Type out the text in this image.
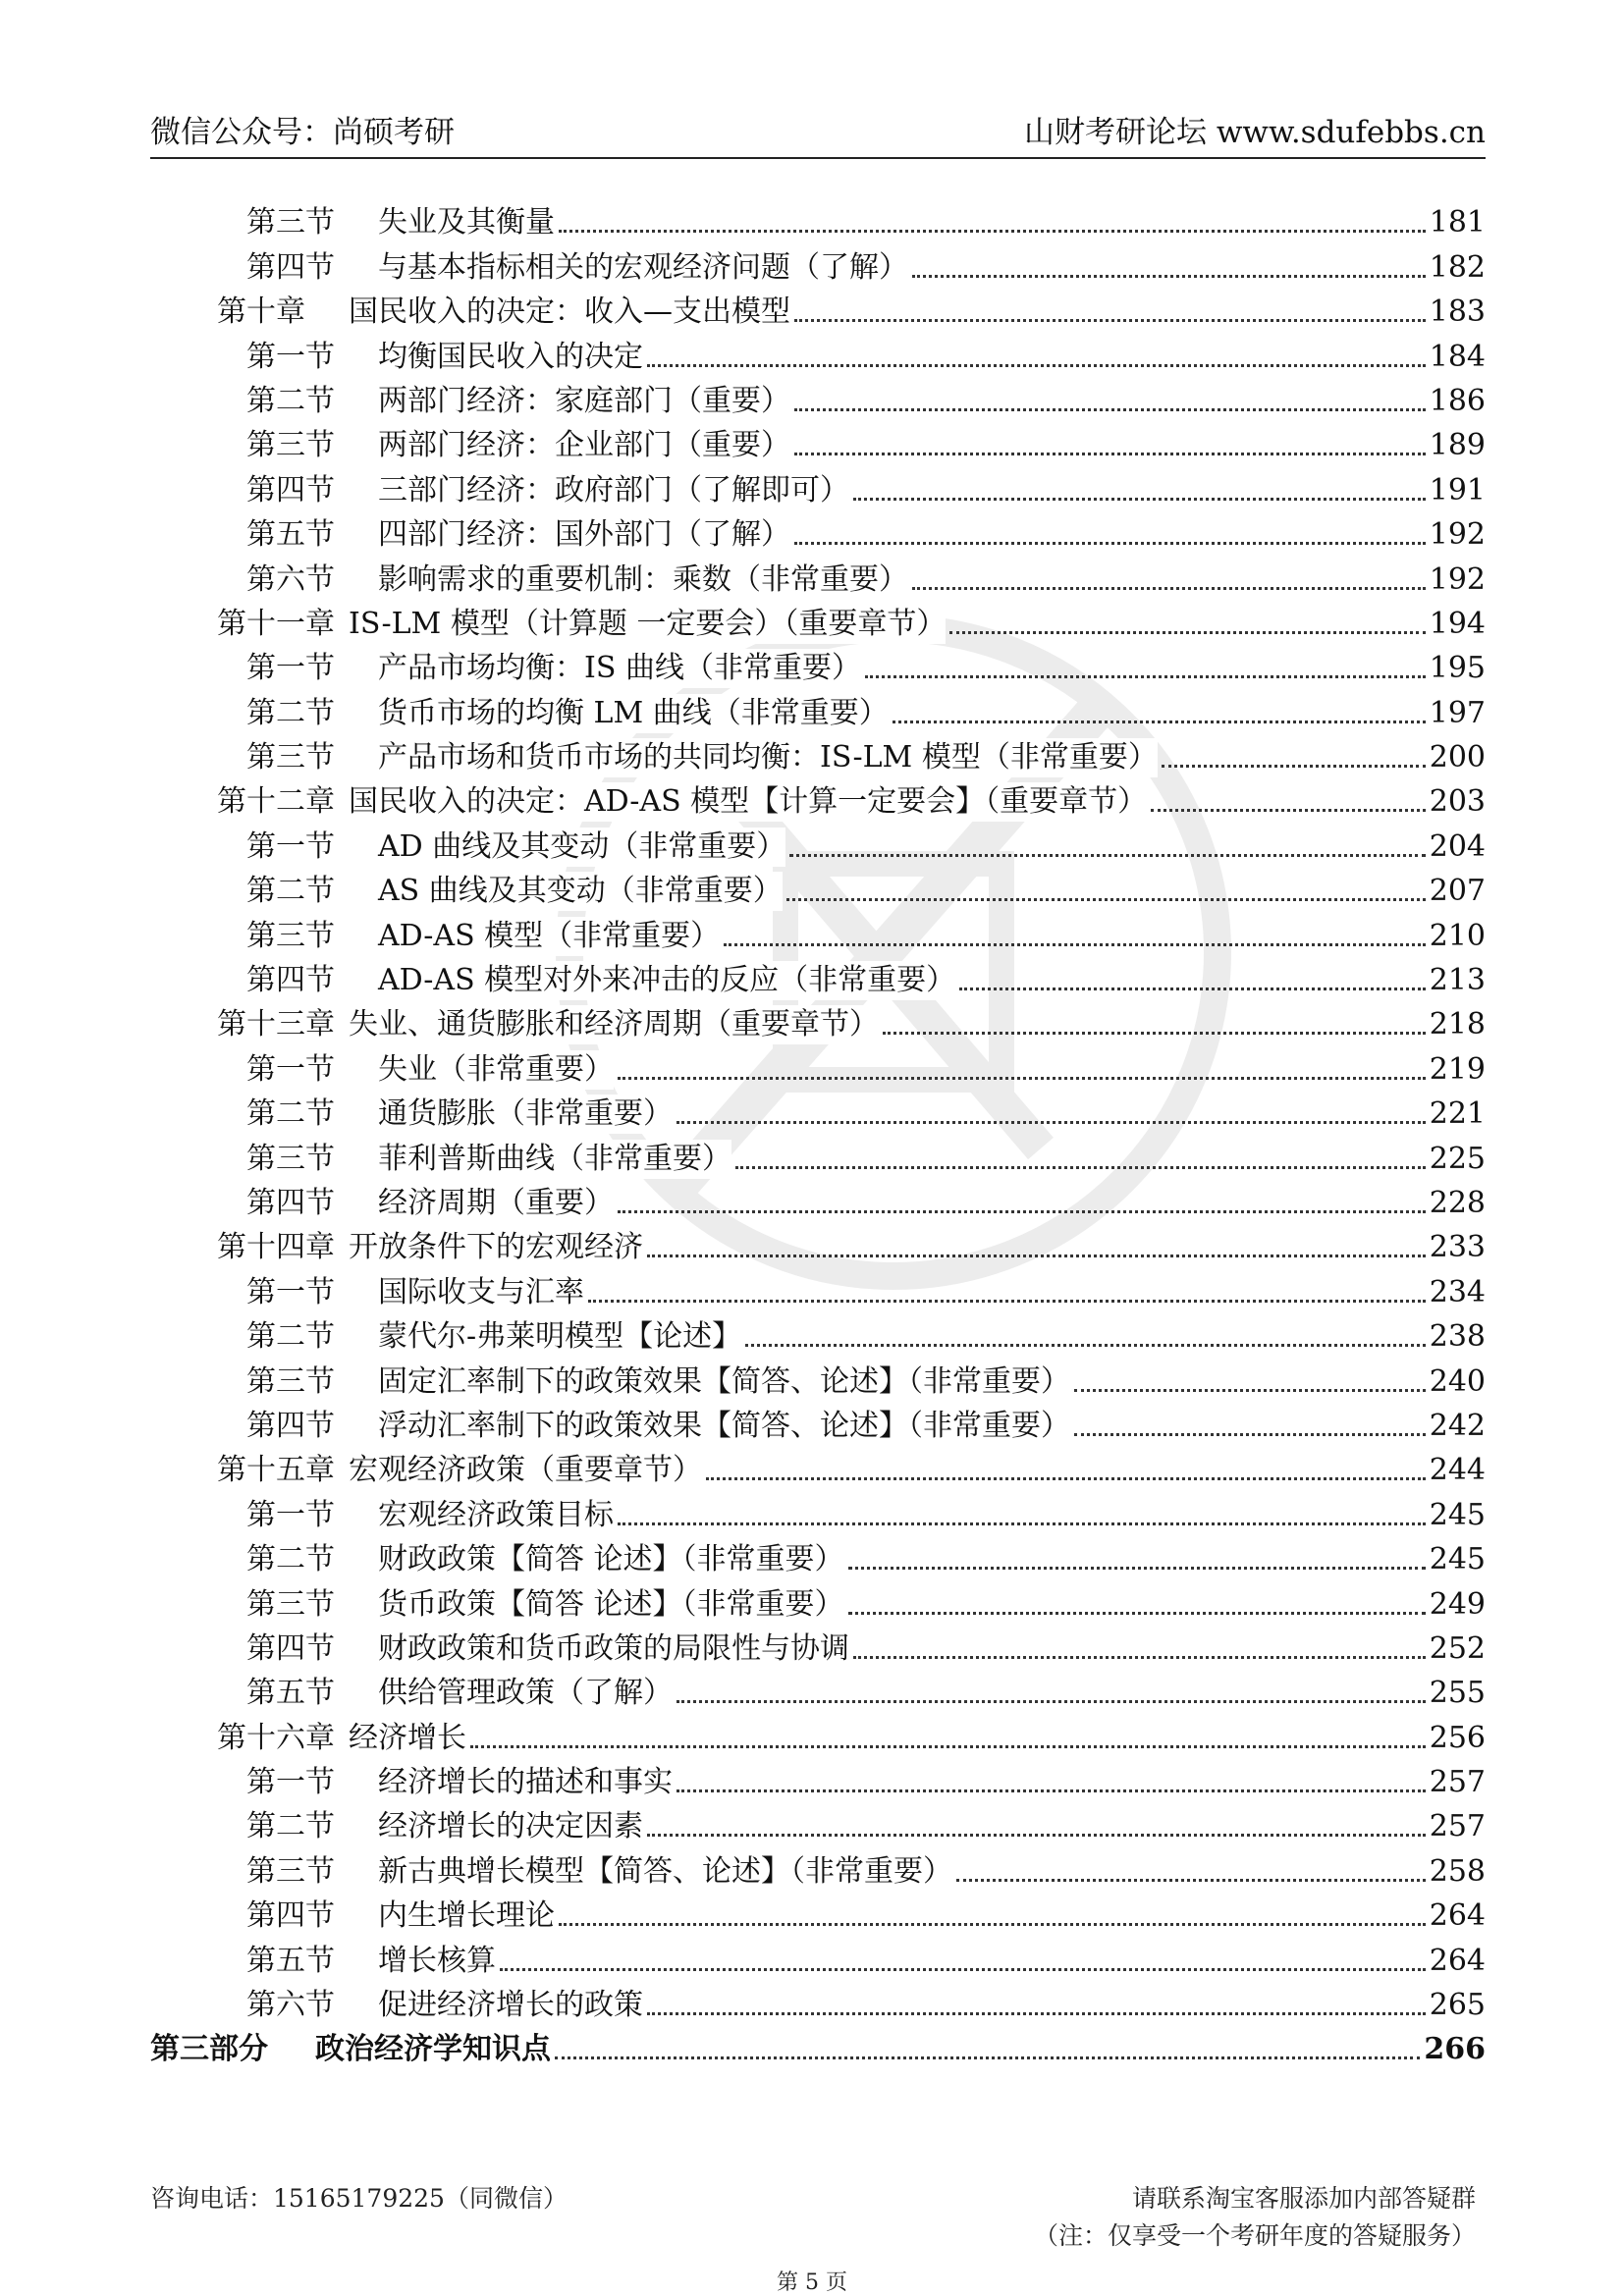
微信公众号：尚硕考研	山财考研论坛 www.sdufebbs.cn
第三节 失业及其衡量	181
第四节 与基本指标相关的宏观经济问题（了解）	182
第十章 国民收入的决定：收入—支出模型	183
第一节 均衡国民收入的决定	184
第二节 两部门经济：家庭部门（重要）	186
第三节 两部门经济：企业部门（重要）	189
第四节 三部门经济：政府部门（了解即可）	191
第五节 四部门经济：国外部门（了解）	192
第六节 影响需求的重要机制：乘数（非常重要）	192
第十一章 IS-LM 模型（计算题 一定要会）（重要章节）	194
第一节 产品市场均衡：IS 曲线（非常重要）	195
第二节 货币市场的均衡 LM 曲线（非常重要）	197
第三节 产品市场和货币市场的共同均衡：IS-LM 模型（非常重要）	200
第十二章 国民收入的决定：AD-AS 模型【计算一定要会】（重要章节）	203
第一节 AD 曲线及其变动（非常重要）	204
第二节 AS 曲线及其变动（非常重要）	207
第三节 AD-AS 模型（非常重要）	210
第四节 AD-AS 模型对外来冲击的反应（非常重要）	213
第十三章 失业、通货膨胀和经济周期（重要章节）	218
第一节 失业（非常重要）	219
第二节 通货膨胀（非常重要）	221
第三节 菲利普斯曲线（非常重要）	225
第四节 经济周期（重要）	228
第十四章 开放条件下的宏观经济	233
第一节 国际收支与汇率	234
第二节 蒙代尔-弗莱明模型【论述】	238
第三节 固定汇率制下的政策效果【简答、论述】（非常重要）	240
第四节 浮动汇率制下的政策效果【简答、论述】（非常重要）	242
第十五章 宏观经济政策（重要章节）	244
第一节 宏观经济政策目标	245
第二节 财政政策【简答 论述】（非常重要）	245
第三节 货币政策【简答 论述】（非常重要）	249
第四节 财政政策和货币政策的局限性与协调	252
第五节 供给管理政策（了解）	255
第十六章 经济增长	256
第一节 经济增长的描述和事实	257
第二节 经济增长的决定因素	257
第三节 新古典增长模型【简答、论述】（非常重要）	258
第四节 内生增长理论	264
第五节 增长核算	264
第六节 促进经济增长的政策	265
第三部分 政治经济学知识点	266
咨询电话：15165179225（同微信）	请联系淘宝客服添加内部答疑群
（注：仅享受一个考研年度的答疑服务）
第 5 页
